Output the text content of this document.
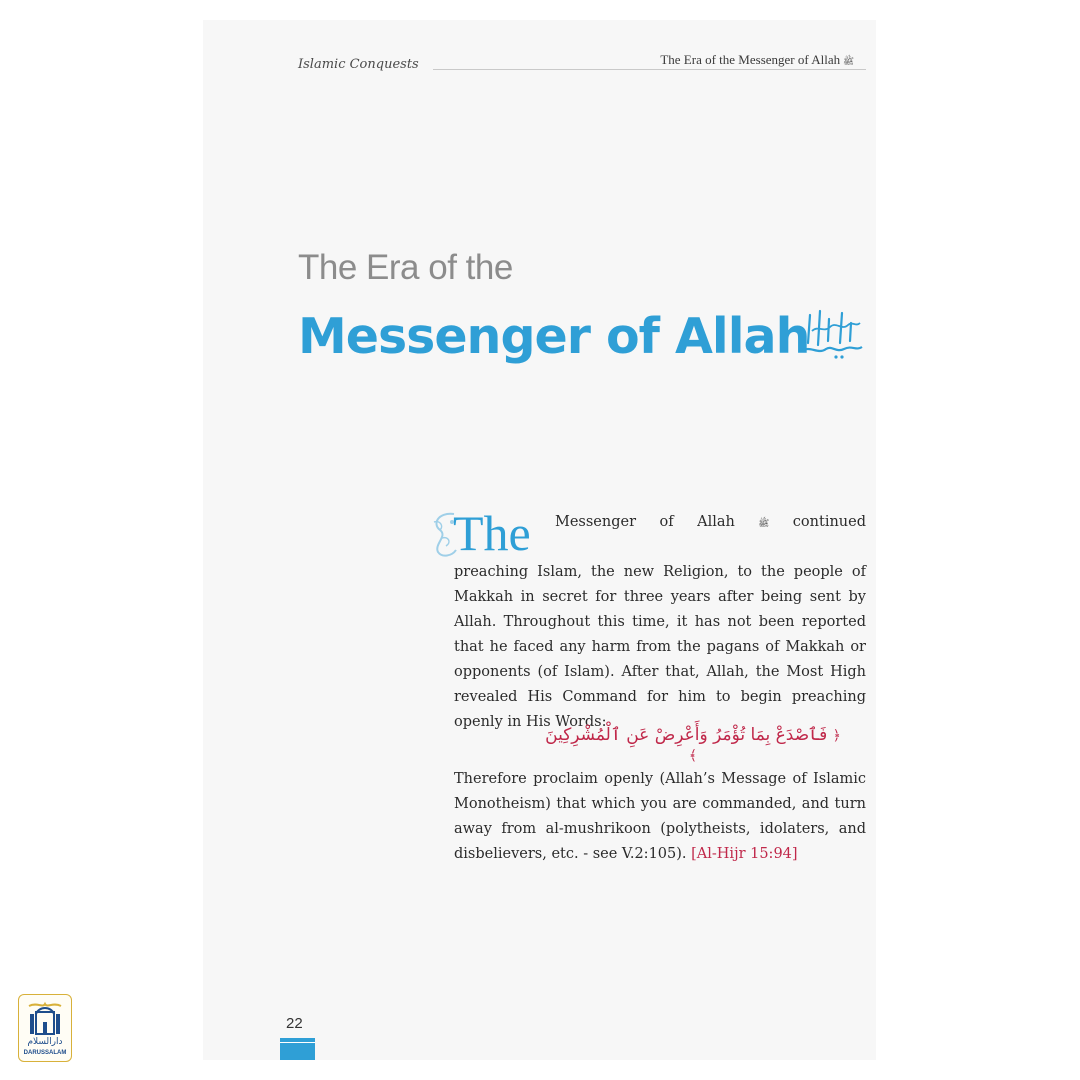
Islamic Conquests	The Era of the Messenger of Allah ﷺ
The Era of the
Messenger of Allah
The Messenger of Allah	ﷺ continued
preaching Islam, the new Religion, to the people of Makkah in secret for three years after being sent by Allah. Throughout this time, it has not been reported that he faced any harm from the pagans of Makkah or opponents (of Islam). After that, Allah, the Most High revealed His Command for him to begin preaching openly in His Words:
﴿ فَٱصْدَعْ بِمَا تُؤْمَرُ وَأَعْرِضْ عَنِ ٱلْمُشْرِكِينَ ﴾
Therefore proclaim openly (Allah’s Message of Islamic Monotheism) that which you are commanded, and turn away from al-mushrikoon (polytheists, idolaters, and disbelievers, etc. - see V.2:105). [Al-Hijr 15:94]
22
دارالسلام
DARUSSALAM
